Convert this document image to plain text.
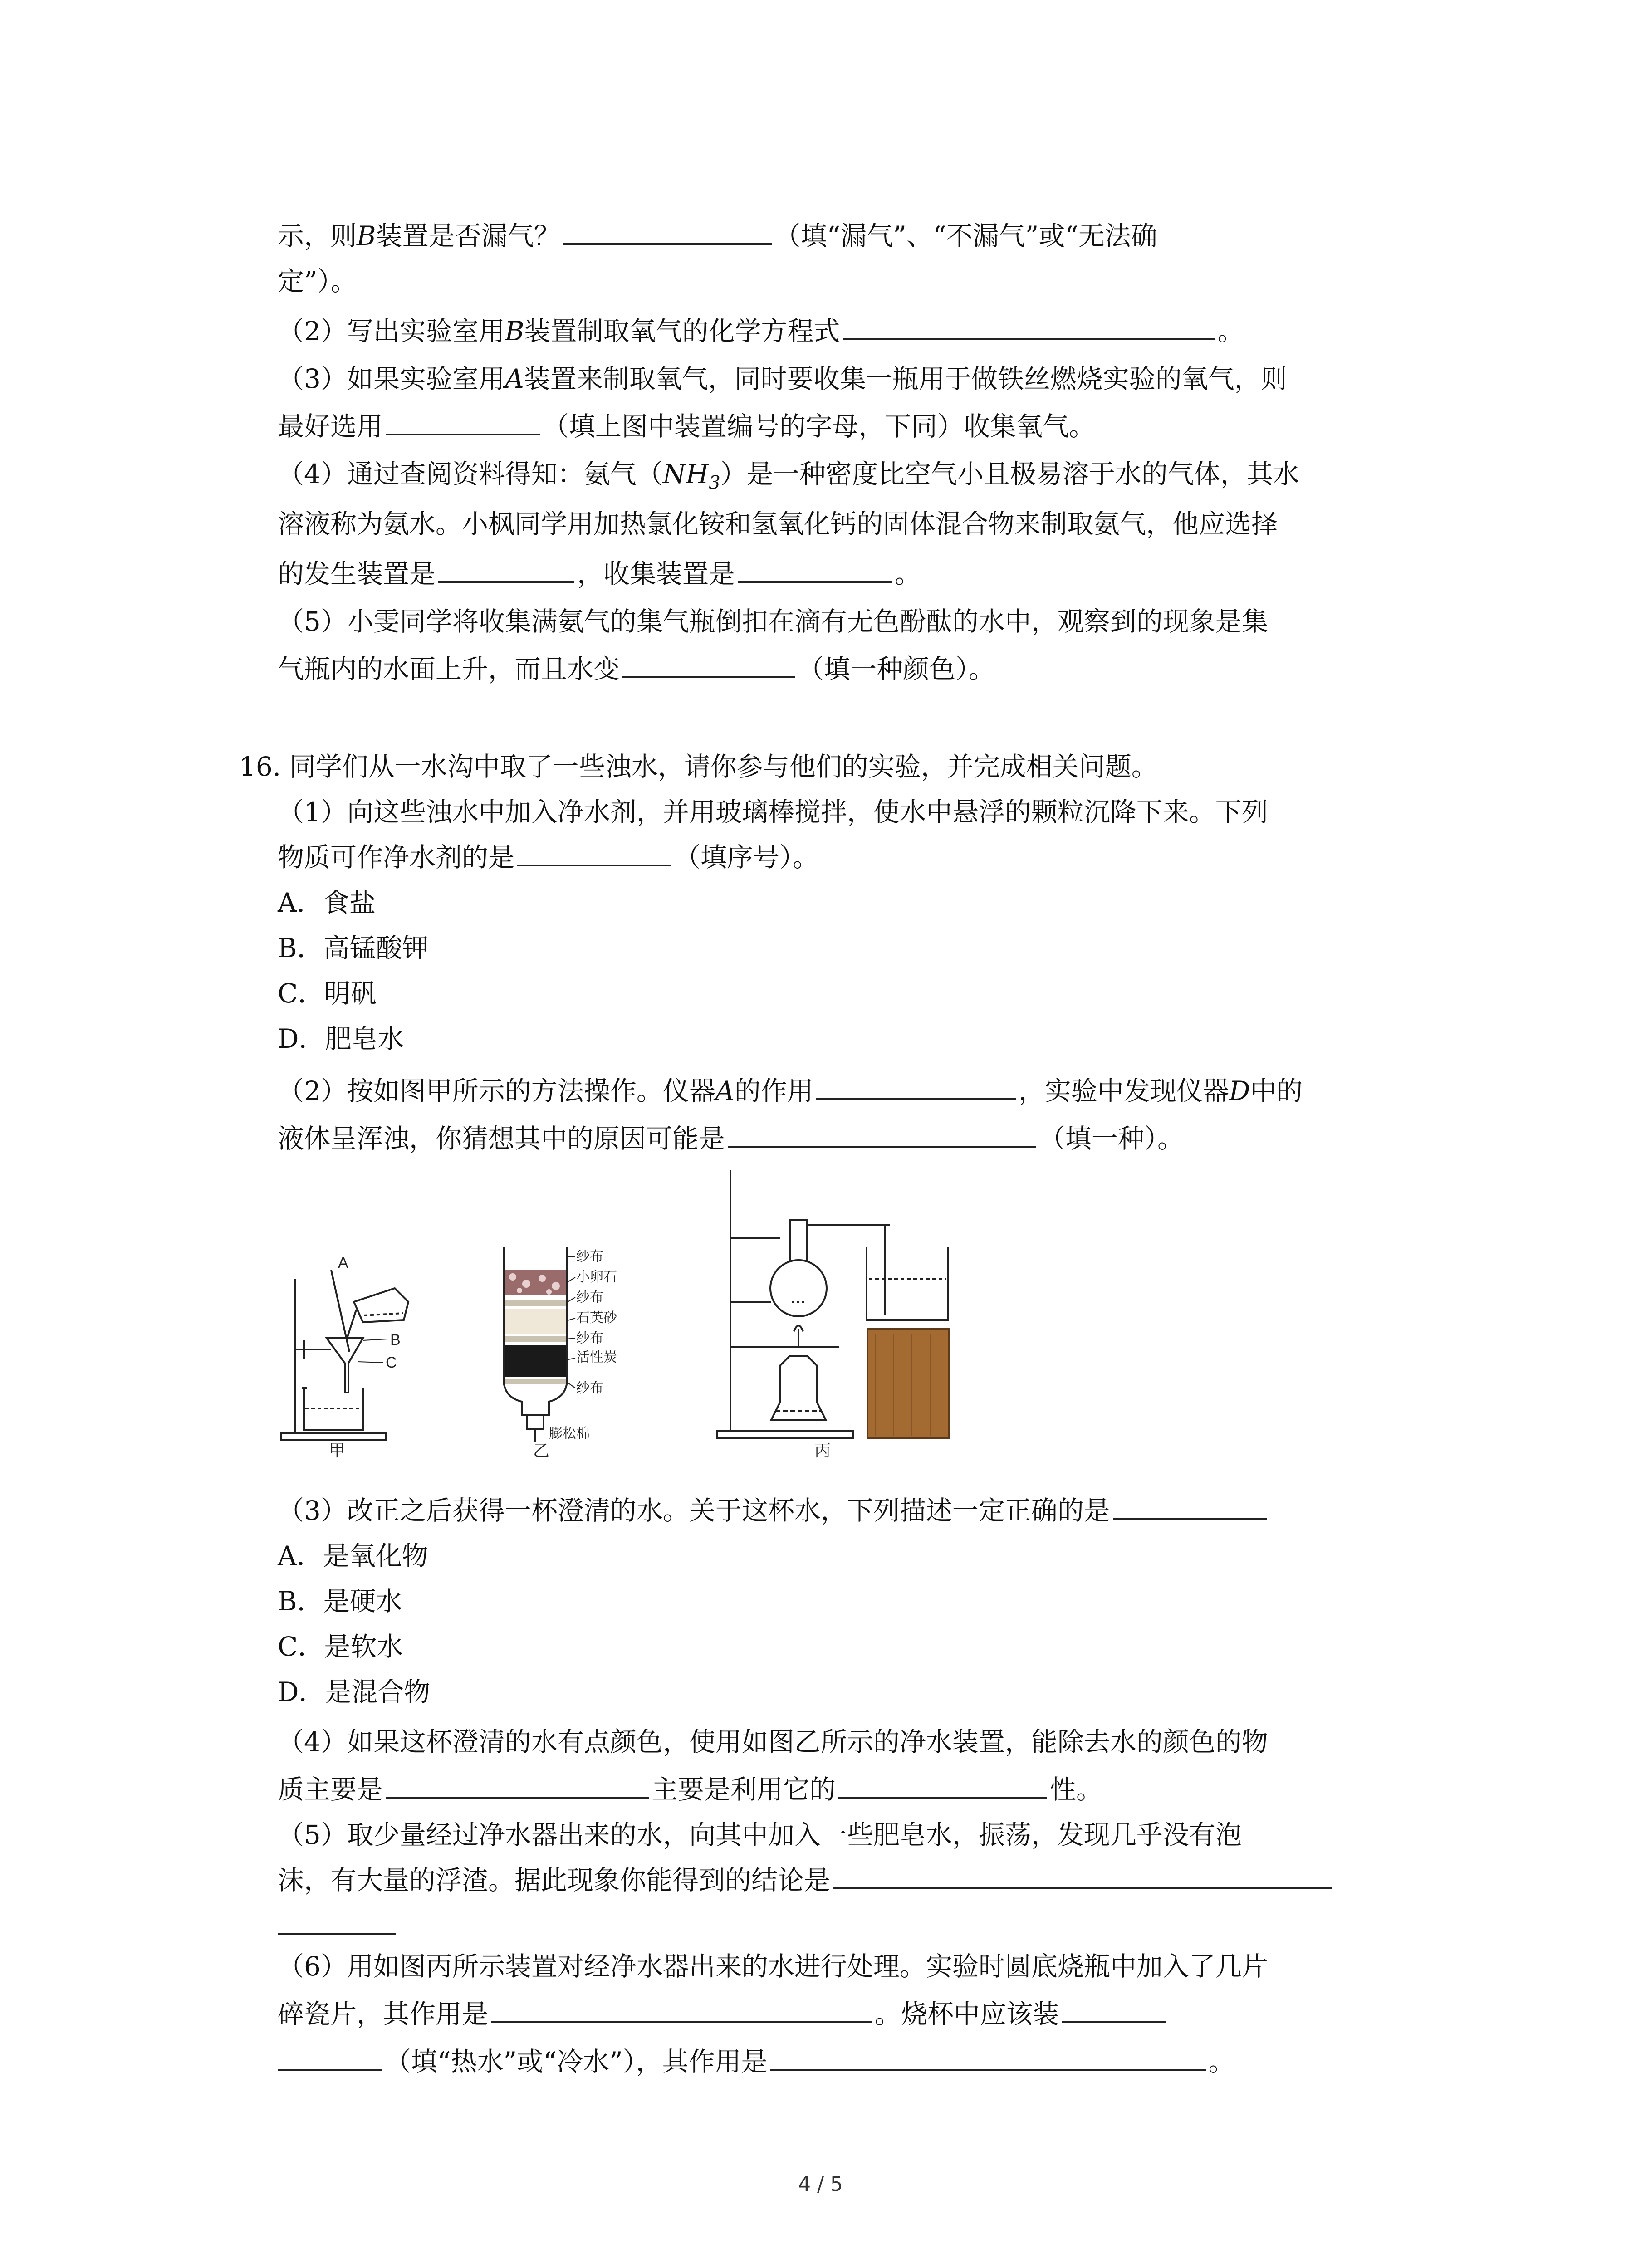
示，则B装置是否漏气？	（填“漏气”、“不漏气”或“无法确
定”）。
（2）写出实验室用B装置制取氧气的化学方程式	。
（3）如果实验室用A装置来制取氧气，同时要收集一瓶用于做铁丝燃烧实验的氧气，则
最好选用	（填上图中装置编号的字母，下同）收集氧气。
（4）通过查阅资料得知：氨气$(NH_3)$是一种密度比空气小且极易溶于水的气体，其水
溶液称为氨水。小枫同学用加热氯化铵和氢氧化钙的固体混合物来制取氨气，他应选择
的发生装置是	，收集装置是	。
（5）小雯同学将收集满氨气的集气瓶倒扣在滴有无色酚酞的水中，观察到的现象是集
气瓶内的水面上升，而且水变	（填一种颜色）。
16. 同学们从一水沟中取了一些浊水，请你参与他们的实验，并完成相关问题。
（1）向这些浊水中加入净水剂，并用玻璃棒搅拌，使水中悬浮的颗粒沉降下来。下列
物质可作净水剂的是	（填序号）。
A．食盐
B．高锰酸钾
C．明矾
D．肥皂水
（2）按如图甲所示的方法操作。仪器A的作用	，实验中发现仪器D中的
液体呈浑浊，你猜想其中的原因可能是	（填一种）。
A
B
C
甲
纱布
小卵石
纱布
石英砂
纱布
活性炭
纱布
膨松棉
乙	丙
（3）改正之后获得一杯澄清的水。关于这杯水，下列描述一定正确的是
A．是氧化物
B．是硬水
C．是软水
D．是混合物
（4）如果这杯澄清的水有点颜色，使用如图乙所示的净水装置，能除去水的颜色的物
质主要是	主要是利用它的	性。
（5）取少量经过净水器出来的水，向其中加入一些肥皂水，振荡，发现几乎没有泡
沫，有大量的浮渣。据此现象你能得到的结论是
（6）用如图丙所示装置对经净水器出来的水进行处理。实验时圆底烧瓶中加入了几片
碎瓷片，其作用是	。烧杯中应该装
（填“热水”或“冷水”），其作用是	。
4 / 5
